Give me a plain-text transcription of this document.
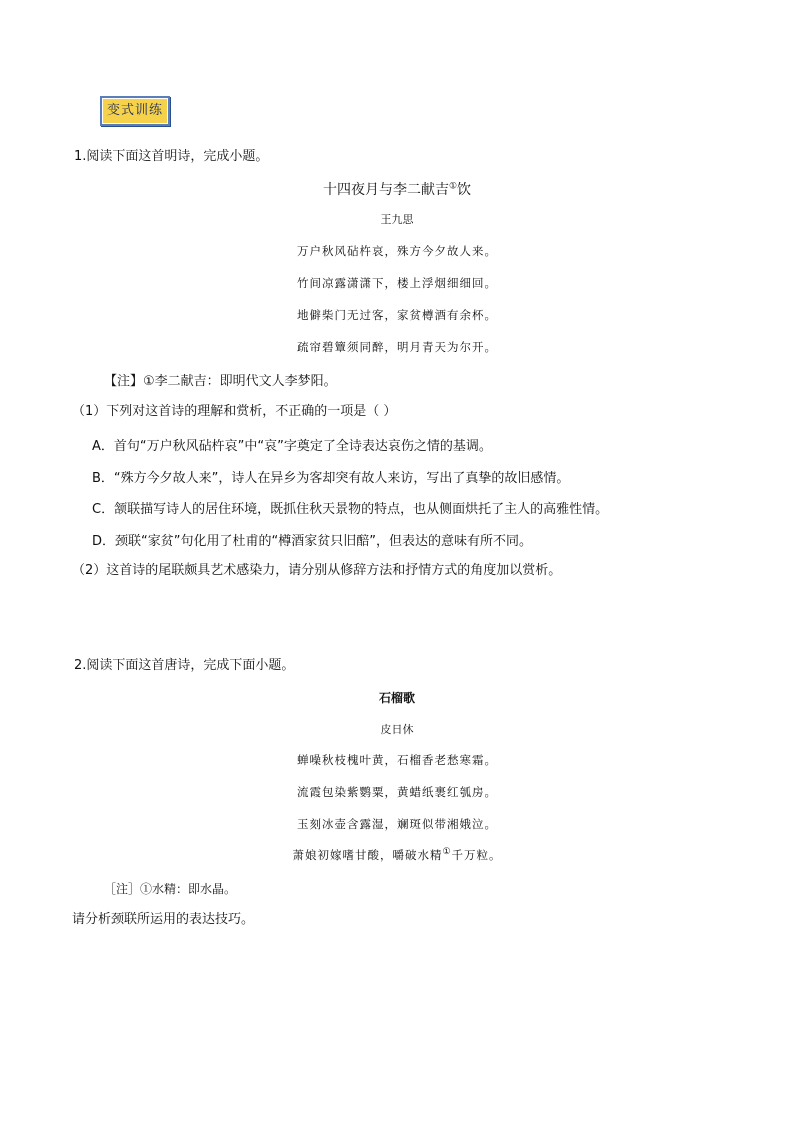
变式训练
1.阅读下面这首明诗，完成小题。
十四夜月与李二献吉①饮
王九思
万户秋风砧杵哀，殊方今夕故人来。
竹间凉露潇潇下，楼上浮烟细细回。
地僻柴门无过客，家贫樽酒有余杯。
疏帘碧簟须同醉，明月青天为尔开。
【注】①李二献吉：即明代文人李梦阳。
（1）下列对这首诗的理解和赏析，不正确的一项是（ ）
A．首句“万户秋风砧杵哀”中“哀”字奠定了全诗表达哀伤之情的基调。
B．“殊方今夕故人来”，诗人在异乡为客却突有故人来访，写出了真挚的故旧感情。
C．颔联描写诗人的居住环境，既抓住秋天景物的特点，也从侧面烘托了主人的高雅性情。
D．颈联“家贫”句化用了杜甫的“樽酒家贫只旧醅”，但表达的意味有所不同。
（2）这首诗的尾联颇具艺术感染力，请分别从修辞方法和抒情方式的角度加以赏析。
2.阅读下面这首唐诗，完成下面小题。
石榴歌
皮日休
蝉噪秋枝槐叶黄，石榴香老愁寒霜。
流霞包染紫鹦粟，黄蜡纸裹红瓠房。
玉刻冰壶含露湿，斓斑似带湘娥泣。
萧娘初嫁嗜甘酸，嚼破水精①千万粒。
［注］①水精：即水晶。
请分析颈联所运用的表达技巧。
